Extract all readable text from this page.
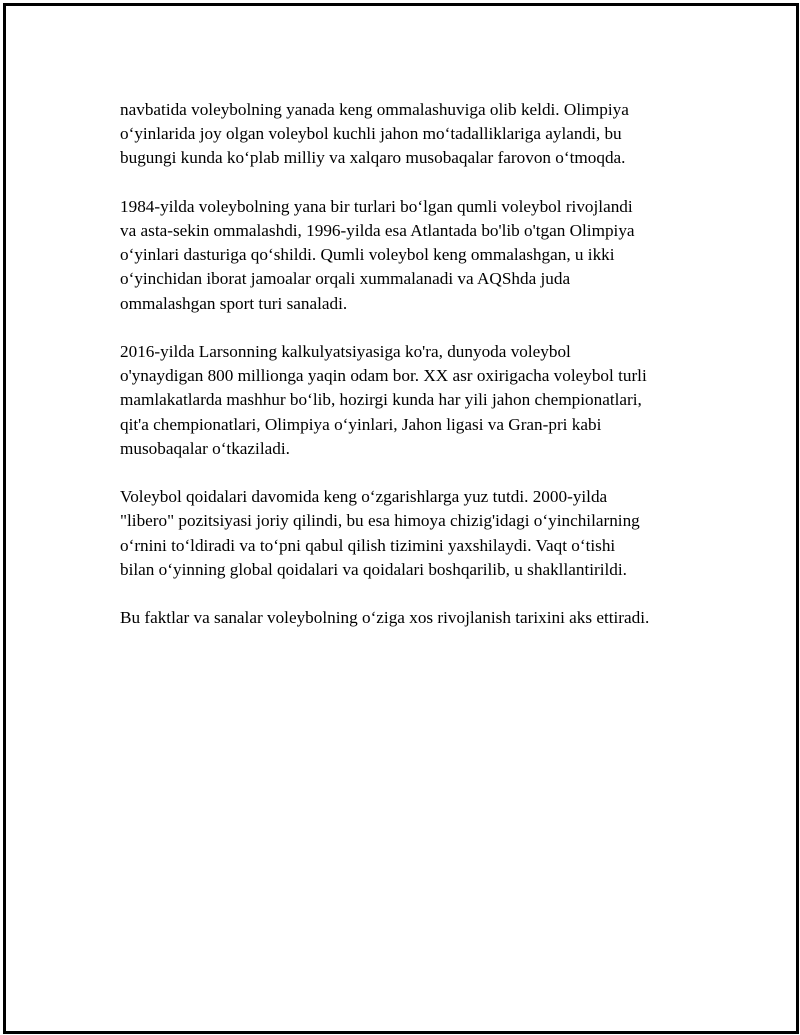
navbatida voleybolning yanada keng ommalashuviga olib keldi. Olimpiya
o‘yinlarida joy olgan voleybol kuchli jahon mo‘tadalliklariga aylandi, bu
bugungi kunda ko‘plab milliy va xalqaro musobaqalar farovon o‘tmoqda.

1984-yilda voleybolning yana bir turlari bo‘lgan qumli voleybol rivojlandi
va asta-sekin ommalashdi, 1996-yilda esa Atlantada bo'lib o'tgan Olimpiya
o‘yinlari dasturiga qo‘shildi. Qumli voleybol keng ommalashgan, u ikki
o‘yinchidan iborat jamoalar orqali xummalanadi va AQShda juda
ommalashgan sport turi sanaladi.

2016-yilda Larsonning kalkulyatsiyasiga ko'ra, dunyoda voleybol
o'ynaydigan 800 millionga yaqin odam bor. XX asr oxirigacha voleybol turli
mamlakatlarda mashhur bo‘lib, hozirgi kunda har yili jahon chempionatlari,
qit'a chempionatlari, Olimpiya o‘yinlari, Jahon ligasi va Gran-pri kabi
musobaqalar o‘tkaziladi.

Voleybol qoidalari davomida keng o‘zgarishlarga yuz tutdi. 2000-yilda
"libero" pozitsiyasi joriy qilindi, bu esa himoya chizig'idagi o‘yinchilarning
o‘rnini to‘ldiradi va to‘pni qabul qilish tizimini yaxshilaydi. Vaqt o‘tishi
bilan o‘yinning global qoidalari va qoidalari boshqarilib, u shakllantirildi.

Bu faktlar va sanalar voleybolning o‘ziga xos rivojlanish tarixini aks ettiradi.
